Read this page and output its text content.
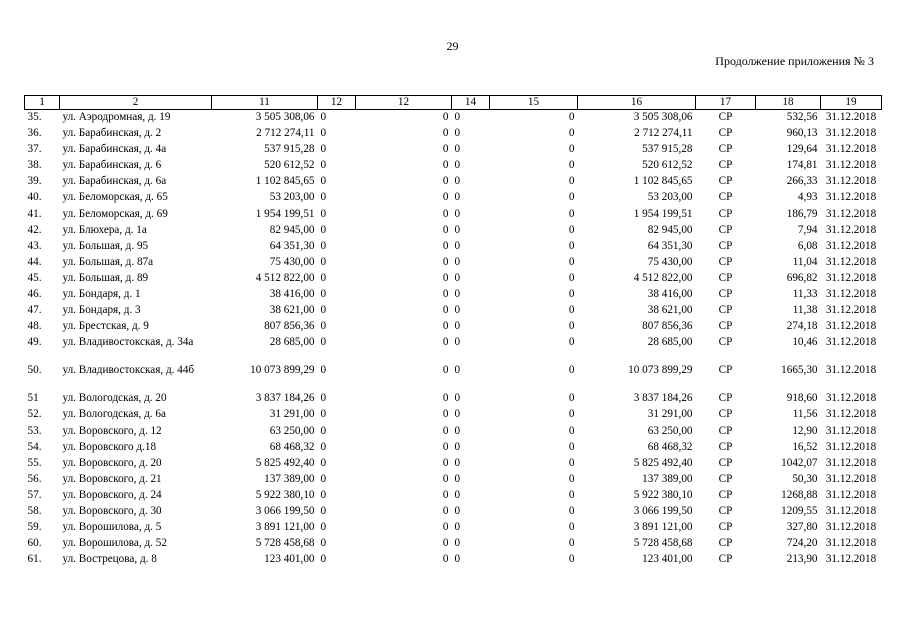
29
Продолжение приложения № 3
1	2	11	12	12	14	15	16	17	18	19
35.	ул. Аэродромная, д. 19	3 505 308,06	0	0	0	0	3 505 308,06	СР	532,56	31.12.2018
36.	ул. Барабинская, д. 2	2 712 274,11	0	0	0	0	2 712 274,11	СР	960,13	31.12.2018
37.	ул. Барабинская, д. 4а	537 915,28	0	0	0	0	537 915,28	СР	129,64	31.12.2018
38.	ул. Барабинская, д. 6	520 612,52	0	0	0	0	520 612,52	СР	174,81	31.12.2018
39.	ул. Барабинская, д. 6а	1 102 845,65	0	0	0	0	1 102 845,65	СР	266,33	31.12.2018
40.	ул. Беломорская, д. 65	53 203,00	0	0	0	0	53 203,00	СР	4,93	31.12.2018
41.	ул. Беломорская, д. 69	1 954 199,51	0	0	0	0	1 954 199,51	СР	186,79	31.12.2018
42.	ул. Блюхера, д. 1а	82 945,00	0	0	0	0	82 945,00	СР	7,94	31.12.2018
43.	ул. Большая, д. 95	64 351,30	0	0	0	0	64 351,30	СР	6,08	31.12.2018
44.	ул. Большая, д. 87а	75 430,00	0	0	0	0	75 430,00	СР	11,04	31.12.2018
45.	ул. Большая, д. 89	4 512 822,00	0	0	0	0	4 512 822,00	СР	696,82	31.12.2018
46.	ул. Бондаря, д. 1	38 416,00	0	0	0	0	38 416,00	СР	11,33	31.12.2018
47.	ул. Бондаря, д. 3	38 621,00	0	0	0	0	38 621,00	СР	11,38	31.12.2018
48.	ул. Брестская, д. 9	807 856,36	0	0	0	0	807 856,36	СР	274,18	31.12.2018
49.	ул. Владивостокская, д. 34а	28 685,00	0	0	0	0	28 685,00	СР	10,46	31.12.2018
50.	ул. Владивостокская, д. 44б	10 073 899,29	0	0	0	0	10 073 899,29	СР	1665,30	31.12.2018
51	ул. Вологодская, д. 20	3 837 184,26	0	0	0	0	3 837 184,26	СР	918,60	31.12.2018
52.	ул. Вологодская, д. 6а	31 291,00	0	0	0	0	31 291,00	СР	11,56	31.12.2018
53.	ул. Воровского, д. 12	63 250,00	0	0	0	0	63 250,00	СР	12,90	31.12.2018
54.	ул. Воровского д.18	68 468,32	0	0	0	0	68 468,32	СР	16,52	31.12.2018
55.	ул. Воровского, д. 20	5 825 492,40	0	0	0	0	5 825 492,40	СР	1042,07	31.12.2018
56.	ул. Воровского, д. 21	137 389,00	0	0	0	0	137 389,00	СР	50,30	31.12.2018
57.	ул. Воровского, д. 24	5 922 380,10	0	0	0	0	5 922 380,10	СР	1268,88	31.12.2018
58.	ул. Воровского, д. 30	3 066 199,50	0	0	0	0	3 066 199,50	СР	1209,55	31.12.2018
59.	ул. Ворошилова, д. 5	3 891 121,00	0	0	0	0	3 891 121,00	СР	327,80	31.12.2018
60.	ул. Ворошилова, д. 52	5 728 458,68	0	0	0	0	5 728 458,68	СР	724,20	31.12.2018
61.	ул. Вострецова, д. 8	123 401,00	0	0	0	0	123 401,00	СР	213,90	31.12.2018
